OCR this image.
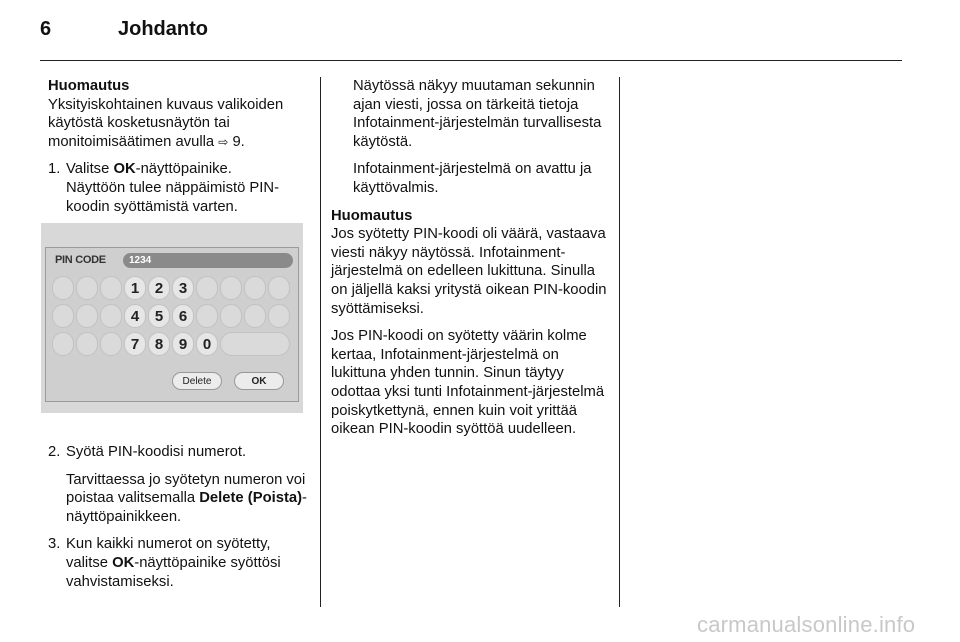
6	Johdanto

Huomautus

Yksityiskohtainen kuvaus valikoiden käytöstä kosketusnäytön tai monitoimisäätimen avulla ⇨ 9.

1. Valitse OK-näyttöpainike.

Näyttöön tulee näppäimistö PIN-koodin syöttämistä varten.

PIN CODE	1234
1	2	3
4	5	6
7	8	9	0
Delete	OK
2. Syötä PIN-koodisi numerot.

Tarvittaessa jo syötetyn numeron voi poistaa valitsemalla Delete (Poista)-näyttöpainikkeen.

3. Kun kaikki numerot on syötetty, valitse OK-näyttöpainike syöttösi vahvistamiseksi.

Näytössä näkyy muutaman sekunnin ajan viesti, jossa on tärkeitä tietoja Infotainment-järjestelmän turvallisesta käytöstä.

Infotainment-järjestelmä on avattu ja käyttövalmis.

Huomautus

Jos syötetty PIN-koodi oli väärä, vastaava viesti näkyy näytössä. Infotainment-järjestelmä on edelleen lukittuna. Sinulla on jäljellä kaksi yritystä oikean PIN-koodin syöttämiseksi.

Jos PIN-koodi on syötetty väärin kolme kertaa, Infotainment-järjestelmä on lukittuna yhden tunnin. Sinun täytyy odottaa yksi tunti Infotainment-järjestelmä poiskytkettynä, ennen kuin voit yrittää oikean PIN-koodin syöttöä uudelleen.

carmanualsonline.info
